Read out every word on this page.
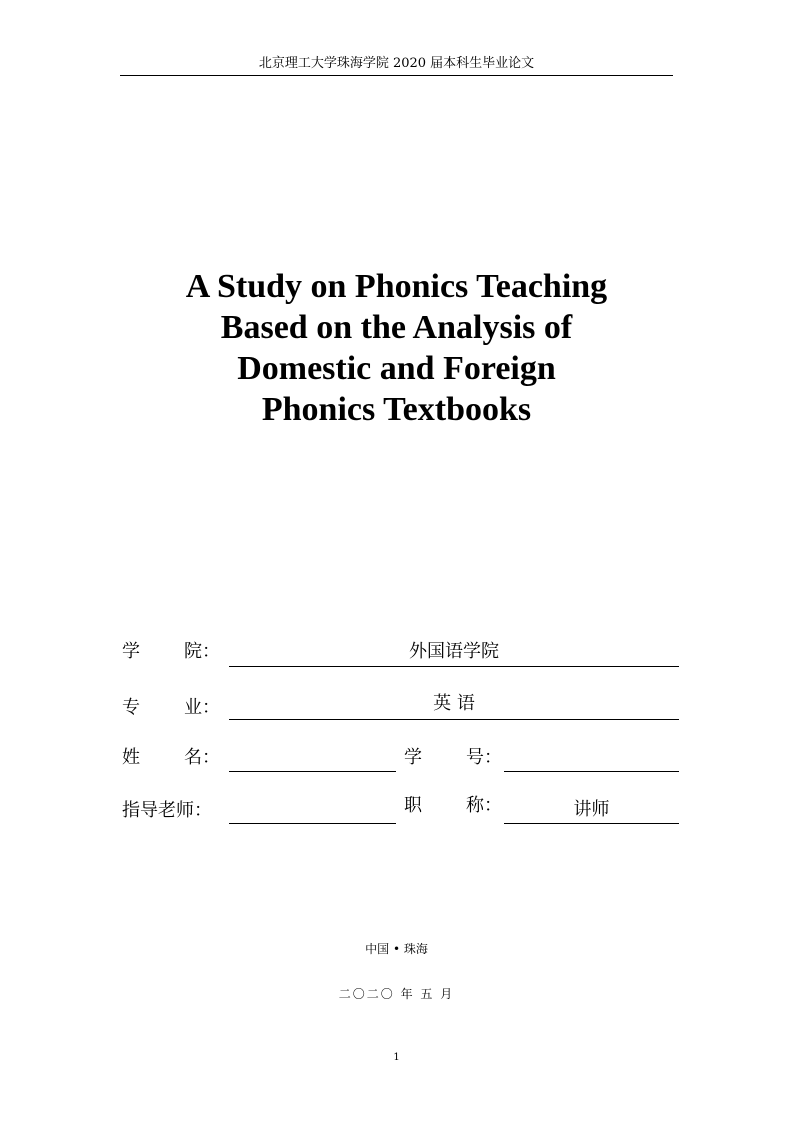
北京理工大学珠海学院 2020 届本科生毕业论文
A Study on Phonics Teaching
Based on the Analysis of
Domestic and Foreign
Phonics Textbooks
学 院：	外国语学院
专 业：	英 语
姓 名：	学 号：
指导老师：	职 称：	讲师
中国 • 珠海
二〇二〇 年 五 月
1
